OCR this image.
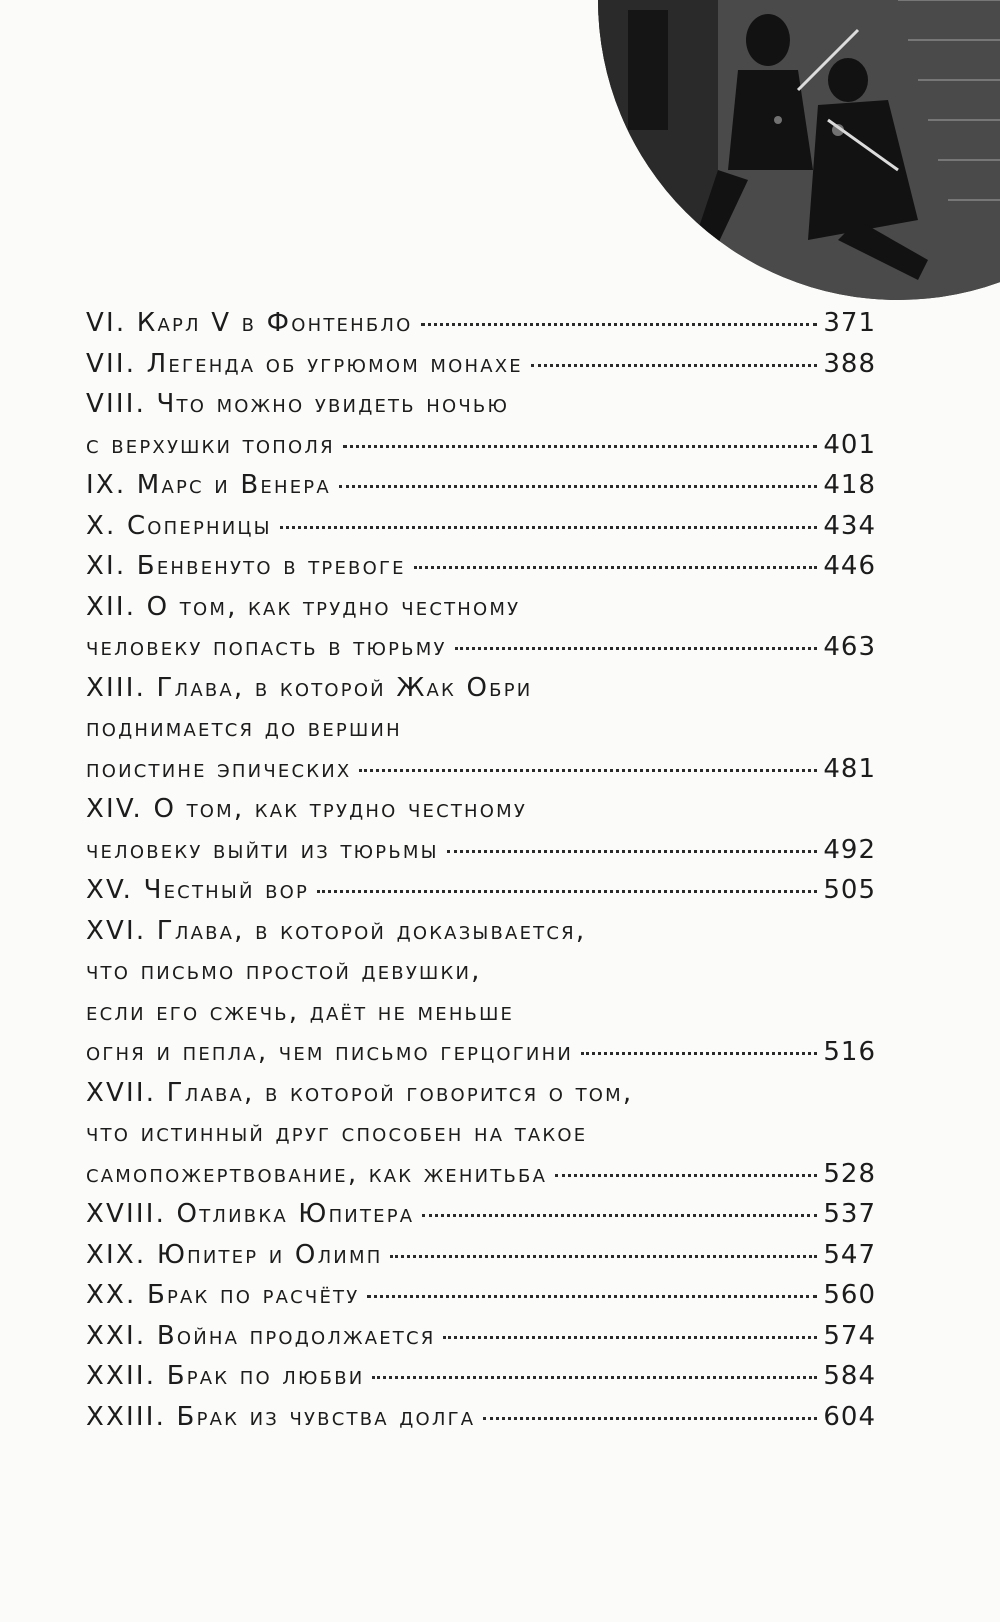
VI. Карл V в Фонтенбло	371
VII. Легенда об угрюмом монахе	388
VIII. Что можно увидеть ночью
с верхушки тополя	401
IX. Марс и Венера	418
X. Соперницы	434
XI. Бенвенуто в тревоге	446
XII. О том, как трудно честному
человеку попасть в тюрьму	463
XIII. Глава, в которой Жак Обри
поднимается до вершин
поистине эпических	481
XIV. О том, как трудно честному
человеку выйти из тюрьмы	492
XV. Честный вор	505
XVI. Глава, в которой доказывается,
что письмо простой девушки,
если его сжечь, даёт не меньше
огня и пепла, чем письмо герцогини	516
XVII. Глава, в которой говорится о том,
что истинный друг способен на такое
самопожертвование, как женитьба	528
XVIII. Отливка Юпитера	537
XIX. Юпитер и Олимп	547
XX. Брак по расчёту	560
XXI. Война продолжается	574
XXII. Брак по любви	584
XXIII. Брак из чувства долга	604
